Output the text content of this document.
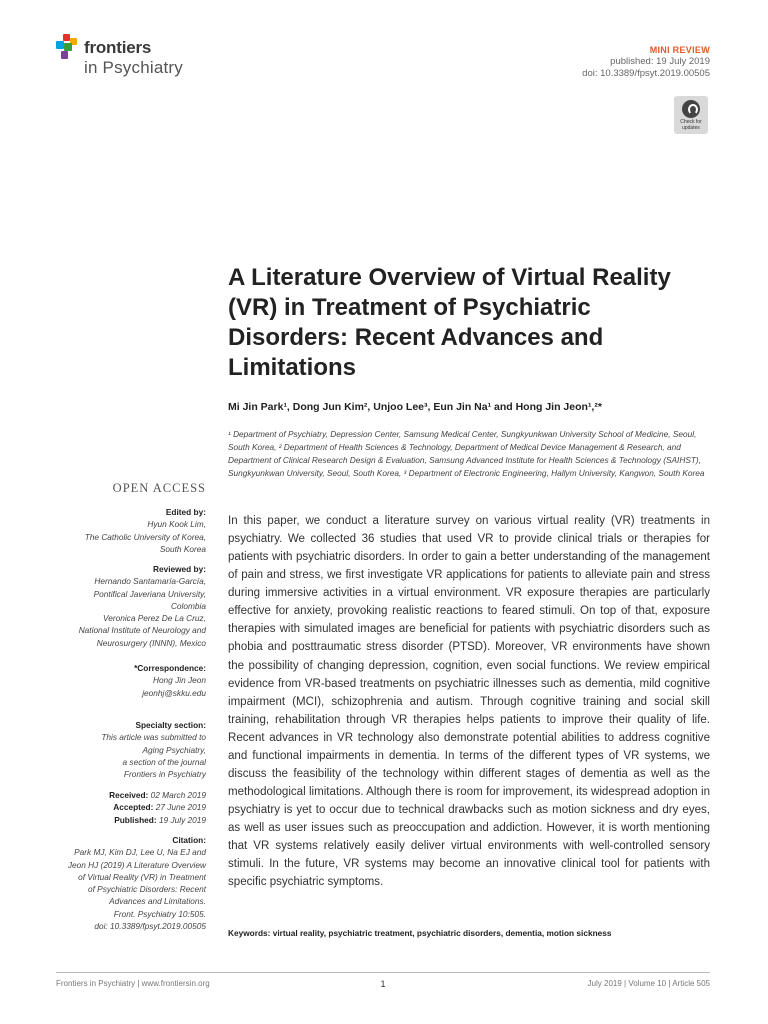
frontiers
in Psychiatry
MINI REVIEW
published: 19 July 2019
doi: 10.3389/fpsyt.2019.00505
Check for updates
A Literature Overview of Virtual Reality (VR) in Treatment of Psychiatric Disorders: Recent Advances and Limitations
Mi Jin Park¹, Dong Jun Kim², Unjoo Lee³, Eun Jin Na¹ and Hong Jin Jeon¹,²*
¹ Department of Psychiatry, Depression Center, Samsung Medical Center, Sungkyunkwan University School of Medicine, Seoul, South Korea, ² Department of Health Sciences & Technology, Department of Medical Device Management & Research, and Department of Clinical Research Design & Evaluation, Samsung Advanced Institute for Health Sciences & Technology (SAIHST), Sungkyunkwan University, Seoul, South Korea, ³ Department of Electronic Engineering, Hallym University, Kangwon, South Korea
OPEN ACCESS
Edited by:
Hyun Kook Lim,
The Catholic University of Korea,
South Korea
Reviewed by:
Hernando Santamaría-García,
Pontifical Javeriana University,
Colombia
Veronica Perez De La Cruz,
National Institute of Neurology and
Neurosurgery (INNN), Mexico
*Correspondence:
Hong Jin Jeon
jeonhj@skku.edu
Specialty section:
This article was submitted to
Aging Psychiatry,
a section of the journal
Frontiers in Psychiatry
Received: 02 March 2019
Accepted: 27 June 2019
Published: 19 July 2019
Citation:
Park MJ, Kim DJ, Lee U, Na EJ and
Jeon HJ (2019) A Literature Overview
of Virtual Reality (VR) in Treatment
of Psychiatric Disorders: Recent
Advances and Limitations.
Front. Psychiatry 10:505.
doi: 10.3389/fpsyt.2019.00505
In this paper, we conduct a literature survey on various virtual reality (VR) treatments in psychiatry. We collected 36 studies that used VR to provide clinical trials or therapies for patients with psychiatric disorders. In order to gain a better understanding of the management of pain and stress, we first investigate VR applications for patients to alleviate pain and stress during immersive activities in a virtual environment. VR exposure therapies are particularly effective for anxiety, provoking realistic reactions to feared stimuli. On top of that, exposure therapies with simulated images are beneficial for patients with psychiatric disorders such as phobia and posttraumatic stress disorder (PTSD). Moreover, VR environments have shown the possibility of changing depression, cognition, even social functions. We review empirical evidence from VR-based treatments on psychiatric illnesses such as dementia, mild cognitive impairment (MCI), schizophrenia and autism. Through cognitive training and social skill training, rehabilitation through VR therapies helps patients to improve their quality of life. Recent advances in VR technology also demonstrate potential abilities to address cognitive and functional impairments in dementia. In terms of the different types of VR systems, we discuss the feasibility of the technology within different stages of dementia as well as the methodological limitations. Although there is room for improvement, its widespread adoption in psychiatry is yet to occur due to technical drawbacks such as motion sickness and dry eyes, as well as user issues such as preoccupation and addiction. However, it is worth mentioning that VR systems relatively easily deliver virtual environments with well-controlled sensory stimuli. In the future, VR systems may become an innovative clinical tool for patients with specific psychiatric symptoms.
Keywords: virtual reality, psychiatric treatment, psychiatric disorders, dementia, motion sickness
Frontiers in Psychiatry | www.frontiersin.org	1	July 2019 | Volume 10 | Article 505
